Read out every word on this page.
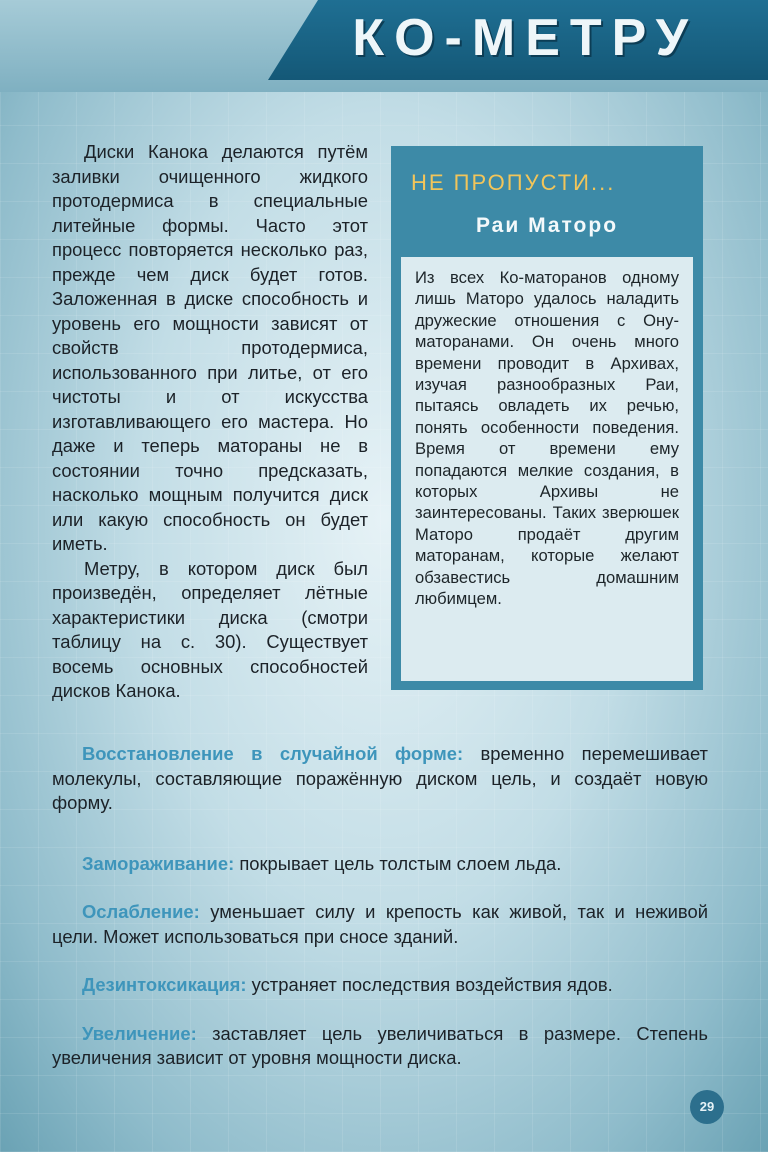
КО-МЕТРУ

Диски Канока делаются путём заливки очищенного жидкого протодермиса в специальные литейные формы. Часто этот процесс повторяется несколько раз, прежде чем диск будет готов. Заложенная в диске способность и уровень его мощности зависят от свойств протодермиса, использованного при литье, от его чистоты и от искусства изготавливающего его мастера. Но даже и теперь матораны не в состоянии точно предсказать, насколько мощным получится диск или какую способность он будет иметь.

Метру, в котором диск был произведён, определяет лётные характеристики диска (смотри таблицу на с. 30). Существует восемь основных способностей дисков Канока.

НЕ ПРОПУСТИ...
Раи Матоpo
Из всех Ко-маторанов одному лишь Маторо удалось наладить дружеские отношения с Ону-маторанами. Он очень много времени проводит в Архивах, изучая разнообразных Раи, пытаясь овладеть их речью, понять особенности поведения. Время от времени ему попадаются мелкие создания, в которых Архивы не заинтересованы. Таких зверюшек Маторо продаёт другим маторанам, которые желают обзавестись домашним любимцем.

Восстановление в случайной форме: временно перемешивает молекулы, составляющие поражённую диском цель, и создаёт новую форму.

Замораживание: покрывает цель толстым слоем льда.

Ослабление: уменьшает силу и крепость как живой, так и неживой цели. Может использоваться при сносе зданий.

Дезинтоксикация: устраняет последствия воздействия ядов.

Увеличение: заставляет цель увеличиваться в размере. Степень увеличения зависит от уровня мощности диска.

29
